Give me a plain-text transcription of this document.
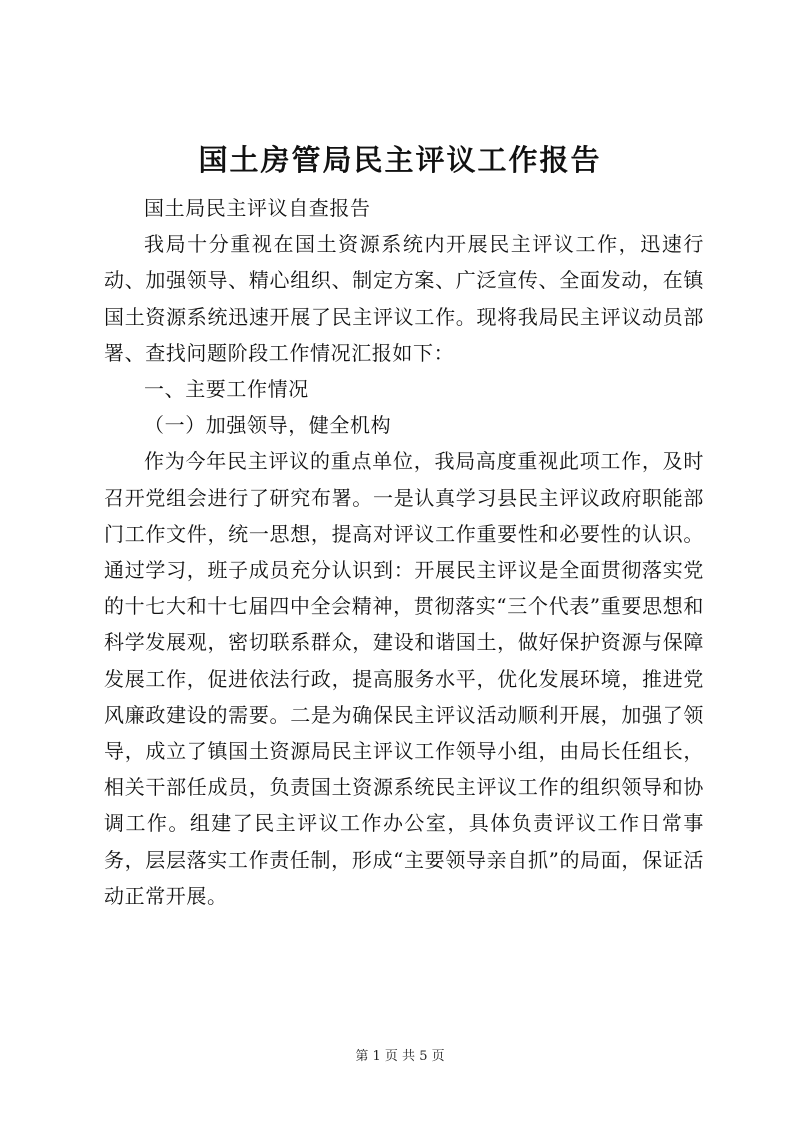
国土房管局民主评议工作报告

国土局民主评议自查报告

我局十分重视在国土资源系统内开展民主评议工作，迅速行动、加强领导、精心组织、制定方案、广泛宣传、全面发动，在镇国土资源系统迅速开展了民主评议工作。现将我局民主评议动员部署、查找问题阶段工作情况汇报如下：

一、主要工作情况

（一）加强领导，健全机构

作为今年民主评议的重点单位，我局高度重视此项工作，及时召开党组会进行了研究布署。一是认真学习县民主评议政府职能部门工作文件，统一思想，提高对评议工作重要性和必要性的认识。通过学习，班子成员充分认识到：开展民主评议是全面贯彻落实党的十七大和十七届四中全会精神，贯彻落实“三个代表”重要思想和科学发展观，密切联系群众，建设和谐国土，做好保护资源与保障发展工作，促进依法行政，提高服务水平，优化发展环境，推进党风廉政建设的需要。二是为确保民主评议活动顺利开展，加强了领导，成立了镇国土资源局民主评议工作领导小组，由局长任组长，相关干部任成员，负责国土资源系统民主评议工作的组织领导和协调工作。组建了民主评议工作办公室，具体负责评议工作日常事务，层层落实工作责任制，形成“主要领导亲自抓”的局面，保证活动正常开展。

第 1 页 共 5 页
